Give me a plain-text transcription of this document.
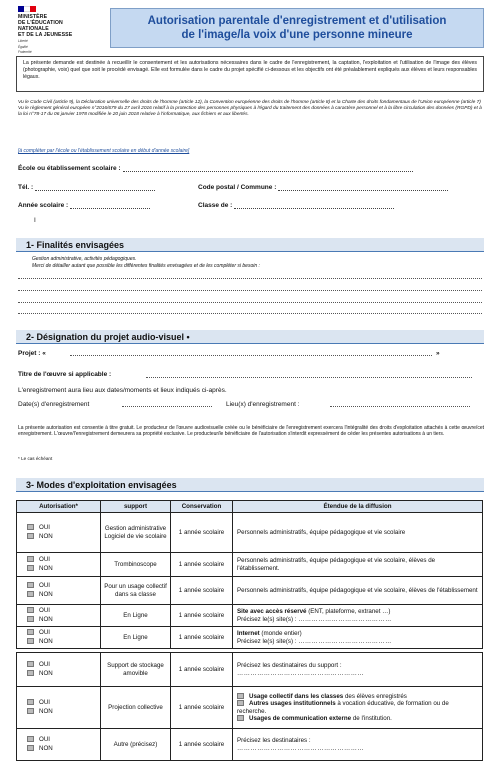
MINISTÈRE
DE L'ÉDUCATION
NATIONALE
ET DE LA JEUNESSE
Liberté
Égalité
Fraternité
Autorisation parentale d'enregistrement et d'utilisation
de l'image/la voix d'une personne mineure
La présente demande est destinée à recueillir le consentement et les autorisations nécessaires dans le cadre de l'enregistrement, la captation, l'exploitation et l'utilisation de l'image des élèves (photographie, voix) quel que soit le procédé envisagé. Elle est formulée dans le cadre du projet spécifié ci-dessous et les objectifs ont été préalablement expliqués aux élèves et leurs responsables légaux.
Vu le Code Civil (article 9), la Déclaration universelle des droits de l'homme (article 12), la Convention européenne des droits de l'homme (article 8) et la Charte des droits fondamentaux de l'Union européenne (article 7)
Vu le règlement général européen n°2016/679 du 27 avril 2016 relatif à la protection des personnes physiques à l'égard du traitement des données à caractère personnel et à la libre circulation des données (RGPD) et à la loi n°78-17 du 06 janvier 1978 modifiée le 20 juin 2018 relative à l'informatique, aux fichiers et aux libertés.
[à compléter par l'école ou l'établissement scolaire en début d'année scolaire]
École ou établissement scolaire :
Tél. :	Code postal / Commune :
Année scolaire :	Classe de :
I
1- Finalités envisagées
Gestion administrative, activités pédagogiques.
Merci de détailler autant que possible les différentes finalités envisagées et de les compléter si besoin :
2- Désignation du projet audio-visuel •
Projet : «	»
Titre de l'œuvre si applicable :
L'enregistrement aura lieu aux dates/moments et lieux indiqués ci-après.
Date(s) d'enregistrement	Lieu(x) d'enregistrement :
La présente autorisation est consentie à titre gratuit. Le producteur de l'œuvre audiovisuelle créée ou le bénéficiaire de l'enregistrement exercera l'intégralité des droits d'exploitation attachés à cette œuvre/cet enregistrement. L'œuvre/l'enregistrement demeurera sa propriété exclusive. Le producteur/le bénéficiaire de l'autorisation s'interdit expressément de céder les présentes autorisations à un tiers.
* Le cas échéant
3- Modes d'exploitation envisagées
Autorisation*	support	Conservation	Étendue de la diffusion

OUI
NON	Gestion administrative Logiciel de vie scolaire	1 année scolaire	Personnels administratifs, équipe pédagogique et vie scolaire

OUI
NON	Trombinoscope	1 année scolaire	Personnels administratifs, équipe pédagogique et vie scolaire, élèves de l'établissement.

OUI
NON	Pour un usage collectif dans sa classe	1 année scolaire	Personnels administratifs, équipe pédagogique et vie scolaire, élèves de l'établissement

OUI
NON	En Ligne	1 année scolaire	Site avec accès réservé (ENT, plateforme, extranet …)
Précisez le(s) site(s) : ……………………………………

OUI
NON	En Ligne	1 année scolaire	Internet (monde entier)
Précisez le(s) site(s) : ……………………………………
OUI
NON	Support de stockage amovible	1 année scolaire	Précisez les destinataires du support :
…………………………………………………

OUI
NON	Projection collective	1 année scolaire	Usage collectif dans les classes des élèves enregistrés
Autres usages institutionnels à vocation éducative, de formation ou de recherche.
Usages de communication externe de l'institution.

OUI
NON	Autre (précisez)	1 année scolaire	Précisez les destinataires :
…………………………………………………
